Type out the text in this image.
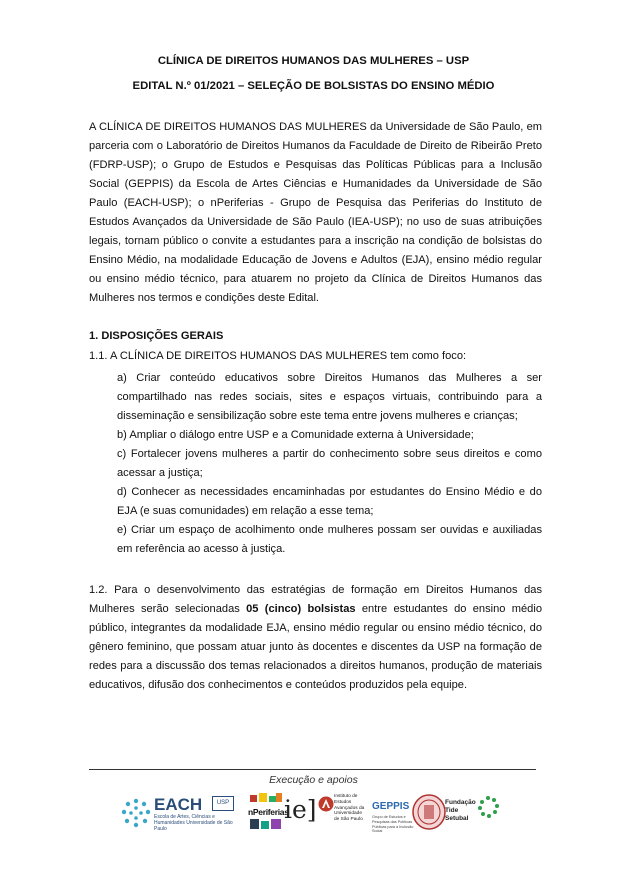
CLÍNICA DE DIREITOS HUMANOS DAS MULHERES – USP
EDITAL N.º 01/2021 – SELEÇÃO DE BOLSISTAS DO ENSINO MÉDIO
A CLÍNICA DE DIREITOS HUMANOS DAS MULHERES da Universidade de São Paulo, em parceria com o Laboratório de Direitos Humanos da Faculdade de Direito de Ribeirão Preto (FDRP-USP); o Grupo de Estudos e Pesquisas das Políticas Públicas para a Inclusão Social (GEPPIS) da Escola de Artes Ciências e Humanidades da Universidade de São Paulo (EACH-USP); o nPeriferias - Grupo de Pesquisa das Periferias do Instituto de Estudos Avançados da Universidade de São Paulo (IEA-USP); no uso de suas atribuições legais, tornam público o convite a estudantes para a inscrição na condição de bolsistas do Ensino Médio, na modalidade Educação de Jovens e Adultos (EJA), ensino médio regular ou ensino médio técnico, para atuarem no projeto da Clínica de Direitos Humanos das Mulheres nos termos e condições deste Edital.
1. DISPOSIÇÕES GERAIS
1.1. A CLÍNICA DE DIREITOS HUMANOS DAS MULHERES tem como foco:

a) Criar conteúdo educativos sobre Direitos Humanos das Mulheres a ser compartilhado nas redes sociais, sites e espaços virtuais, contribuindo para a disseminação e sensibilização sobre este tema entre jovens mulheres e crianças;

b) Ampliar o diálogo entre USP e a Comunidade externa à Universidade;

c) Fortalecer jovens mulheres a partir do conhecimento sobre seus direitos e como acessar a justiça;

d) Conhecer as necessidades encaminhadas por estudantes do Ensino Médio e do EJA (e suas comunidades) em relação a esse tema;

e) Criar um espaço de acolhimento onde mulheres possam ser ouvidas e auxiliadas em referência ao acesso à justiça.

1.2. Para o desenvolvimento das estratégias de formação em Direitos Humanos das Mulheres serão selecionadas 05 (cinco) bolsistas entre estudantes do ensino médio público, integrantes da modalidade EJA, ensino médio regular ou ensino médio técnico, do gênero feminino, que possam atuar junto às docentes e discentes da USP na formação de redes para a discussão dos temas relacionados a direitos humanos, produção de materiais educativos, difusão dos conhecimentos e conteúdos produzidos pela equipe.
Execução e apoios
EACH
Escola de Artes, Ciências e Humanidades Universidade de São Paulo
USP
nPeriferias
ie]	Instituto de Estudos Avançados da Universidade de São Paulo
GEPPIS
Grupo de Estudos e Pesquisas das Políticas Públicas para a Inclusão Social
Fundação Tide Setubal
